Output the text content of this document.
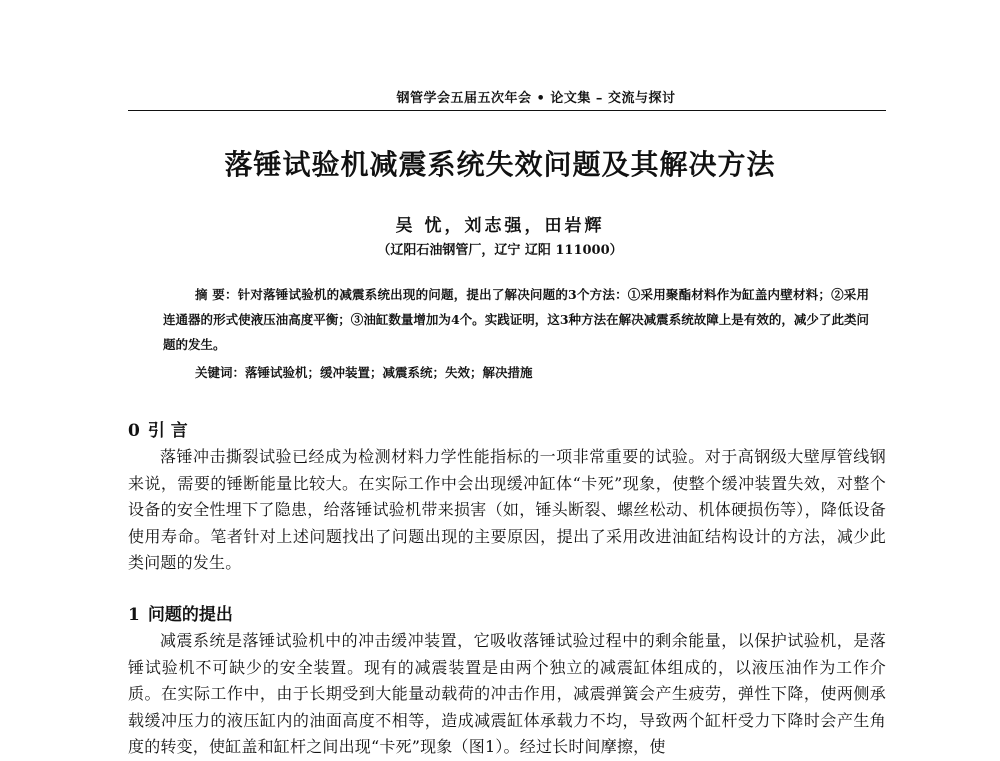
钢管学会五届五次年会 • 论文集 – 交流与探讨
落锤试验机减震系统失效问题及其解决方法
吴 忧，刘志强，田岩辉
（辽阳石油钢管厂，辽宁 辽阳 111000）

摘 要：针对落锤试验机的减震系统出现的问题，提出了解决问题的3个方法：①采用聚酯材料作为缸盖内壁材料；②采用连通器的形式使液压油高度平衡；③油缸数量增加为4个。实践证明，这3种方法在解决减震系统故障上是有效的，减少了此类问题的发生。

关键词：落锤试验机；缓冲装置；减震系统；失效；解决措施

0 引 言

落锤冲击撕裂试验已经成为检测材料力学性能指标的一项非常重要的试验。对于高钢级大壁厚管线钢来说，需要的锤断能量比较大。在实际工作中会出现缓冲缸体“卡死”现象，使整个缓冲装置失效，对整个设备的安全性埋下了隐患，给落锤试验机带来损害（如，锤头断裂、螺丝松动、机体硬损伤等），降低设备使用寿命。笔者针对上述问题找出了问题出现的主要原因，提出了采用改进油缸结构设计的方法，减少此类问题的发生。

1 问题的提出

减震系统是落锤试验机中的冲击缓冲装置，它吸收落锤试验过程中的剩余能量，以保护试验机，是落锤试验机不可缺少的安全装置。现有的减震装置是由两个独立的减震缸体组成的，以液压油作为工作介质。在实际工作中，由于长期受到大能量动载荷的冲击作用，减震弹簧会产生疲劳，弹性下降，使两侧承载缓冲压力的液压缸内的油面高度不相等，造成减震缸体承载力不均，导致两个缸杆受力下降时会产生角度的转变，使缸盖和缸杆之间出现“卡死”现象（图1）。经过长时间摩擦，使
